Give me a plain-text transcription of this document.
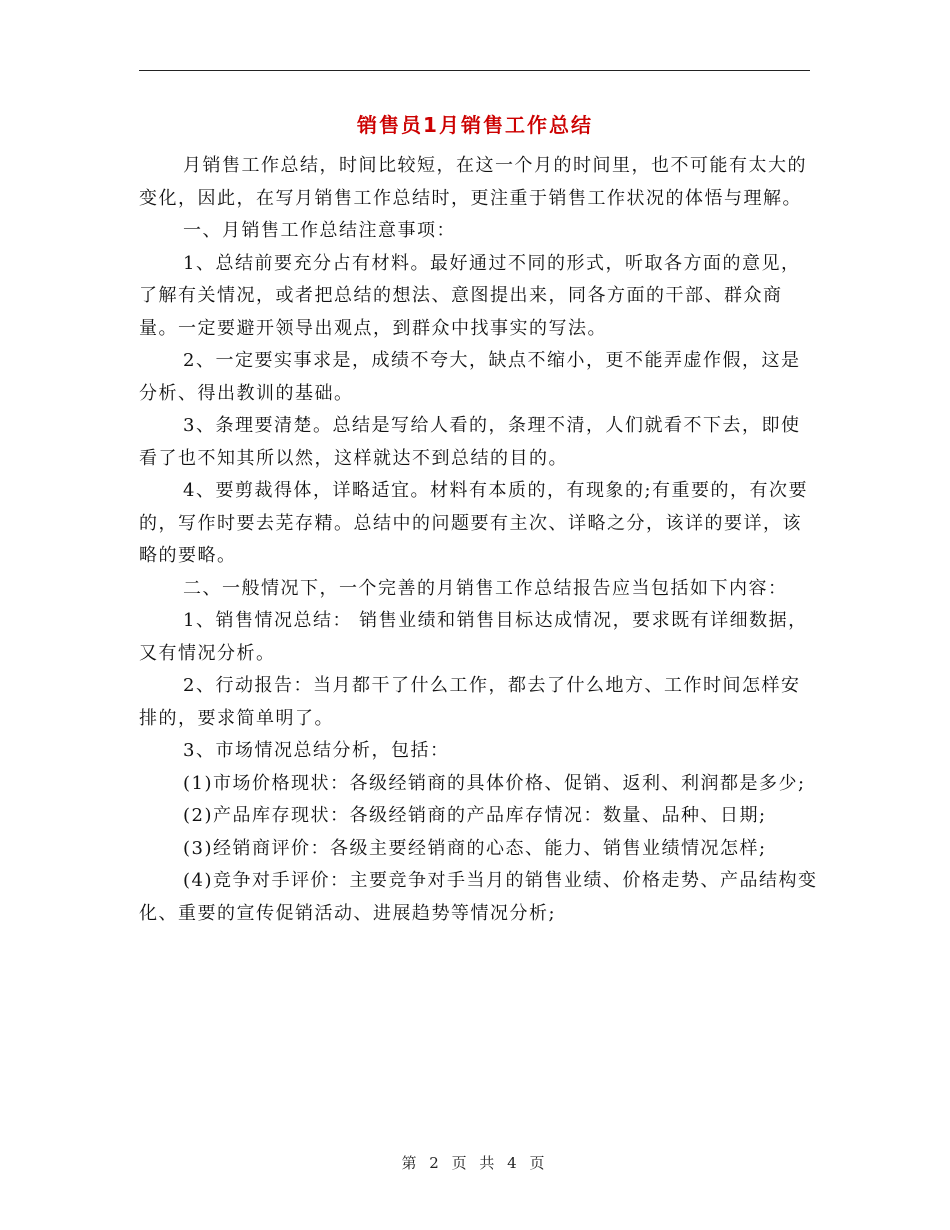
销售员1月销售工作总结

月销售工作总结，时间比较短，在这一个月的时间里，也不可能有太大的变化，因此，在写月销售工作总结时，更注重于销售工作状况的体悟与理解。

一、月销售工作总结注意事项：

1、总结前要充分占有材料。最好通过不同的形式，听取各方面的意见，了解有关情况，或者把总结的想法、意图提出来，同各方面的干部、群众商量。一定要避开领导出观点，到群众中找事实的写法。

2、一定要实事求是，成绩不夸大，缺点不缩小，更不能弄虚作假，这是分析、得出教训的基础。

3、条理要清楚。总结是写给人看的，条理不清，人们就看不下去，即使看了也不知其所以然，这样就达不到总结的目的。

4、要剪裁得体，详略适宜。材料有本质的，有现象的;有重要的，有次要的，写作时要去芜存精。总结中的问题要有主次、详略之分，该详的要详，该略的要略。

二、一般情况下，一个完善的月销售工作总结报告应当包括如下内容：

1、销售情况总结： 销售业绩和销售目标达成情况，要求既有详细数据，又有情况分析。

2、行动报告：当月都干了什么工作，都去了什么地方、工作时间怎样安排的，要求简单明了。

3、市场情况总结分析，包括：

(1)市场价格现状：各级经销商的具体价格、促销、返利、利润都是多少;

(2)产品库存现状：各级经销商的产品库存情况：数量、品种、日期;

(3)经销商评价：各级主要经销商的心态、能力、销售业绩情况怎样;

(4)竞争对手评价：主要竞争对手当月的销售业绩、价格走势、产品结构变化、重要的宣传促销活动、进展趋势等情况分析;

第 2 页 共 4 页
